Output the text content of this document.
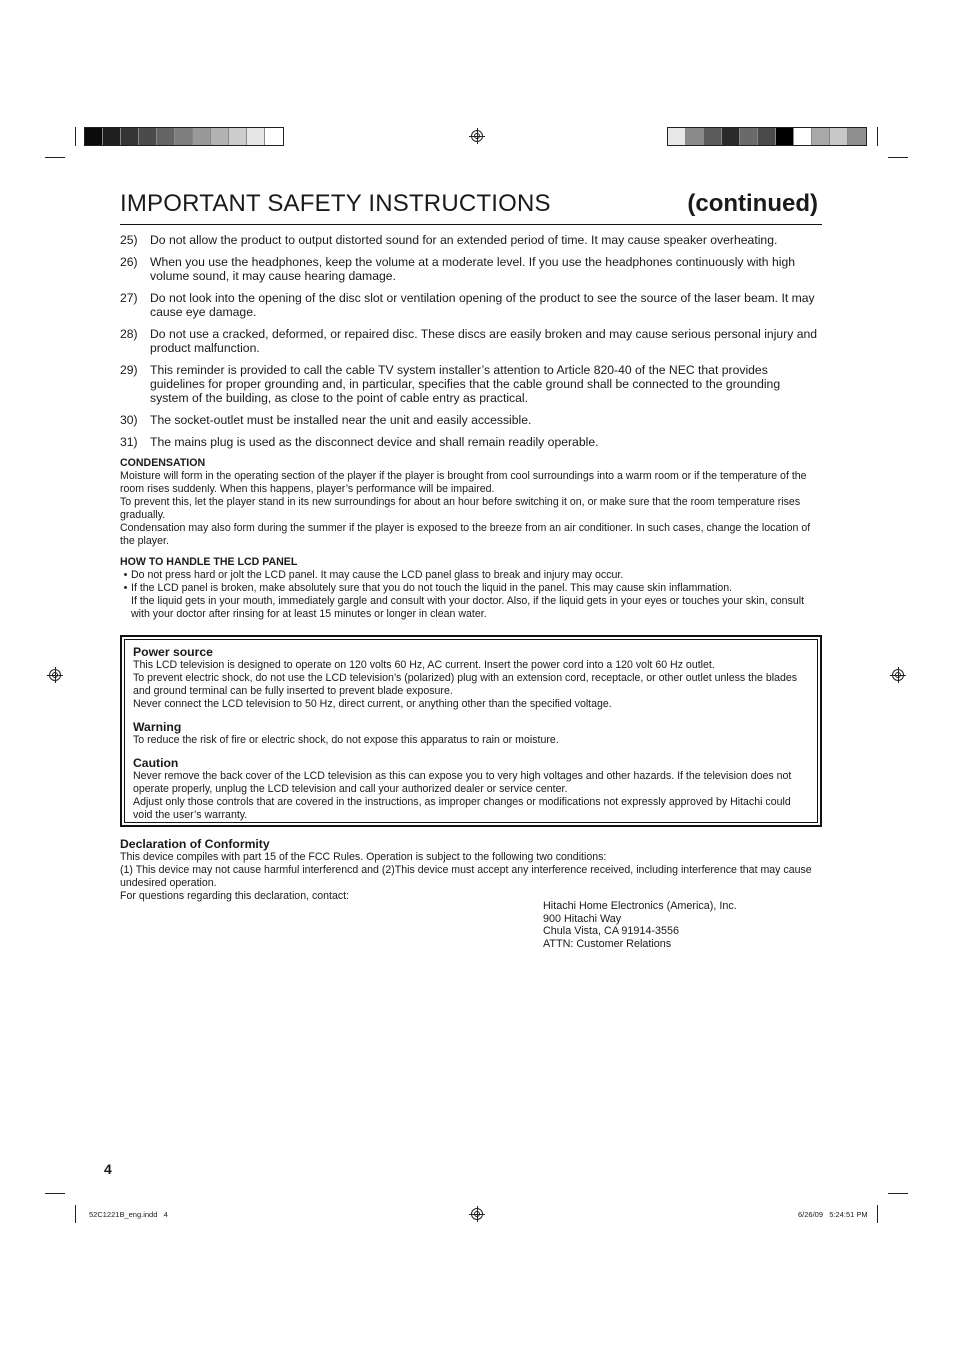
IMPORTANT SAFETY INSTRUCTIONS	(continued)
25)	Do not allow the product to output distorted sound for an extended period of time. It may cause speaker overheating.
26)	When you use the headphones, keep the volume at a moderate level. If you use the headphones continuously with high volume sound, it may cause hearing damage.
27)	Do not look into the opening of the disc slot or ventilation opening of the product to see the source of the laser beam. It may cause eye damage.
28)	Do not use a cracked, deformed, or repaired disc. These discs are easily broken and may cause serious personal injury and product malfunction.
29)	This reminder is provided to call the cable TV system installer’s attention to Article 820-40 of the NEC that provides guidelines for proper grounding and, in particular, specifies that the cable ground shall be connected to the grounding system of the building, as close to the point of cable entry as practical.
30)	The socket-outlet must be installed near the unit and easily accessible.
31)	The mains plug is used as the disconnect device and shall remain readily operable.
CONDENSATION
Moisture will form in the operating section of the player if the player is brought from cool surroundings into a warm room or if the temperature of the room rises suddenly. When this happens, player’s performance will be impaired.
To prevent this, let the player stand in its new surroundings for about an hour before switching it on, or make sure that the room temperature rises gradually.
Condensation may also form during the summer if the player is exposed to the breeze from an air conditioner. In such cases, change the location of the player.
HOW TO HANDLE THE LCD PANEL
• Do not press hard or jolt the LCD panel. It may cause the LCD panel glass to break and injury may occur.
• If the LCD panel is broken, make absolutely sure that you do not touch the liquid in the panel. This may cause skin inflammation.
If the liquid gets in your mouth, immediately gargle and consult with your doctor. Also, if the liquid gets in your eyes or touches your skin, consult with your doctor after rinsing for at least 15 minutes or longer in clean water.
Power source
This LCD television is designed to operate on 120 volts 60 Hz, AC current. Insert the power cord into a 120 volt 60 Hz outlet.
To prevent electric shock, do not use the LCD television’s (polarized) plug with an extension cord, receptacle, or other outlet unless the blades and ground terminal can be fully inserted to prevent blade exposure.
Never connect the LCD television to 50 Hz, direct current, or anything other than the specified voltage.
Warning
To reduce the risk of fire or electric shock, do not expose this apparatus to rain or moisture.
Caution
Never remove the back cover of the LCD television as this can expose you to very high voltages and other hazards. If the television does not operate properly, unplug the LCD television and call your authorized dealer or service center.
Adjust only those controls that are covered in the instructions, as improper changes or modifications not expressly approved by Hitachi could void the user’s warranty.
Declaration of Conformity
This device compiles with part 15 of the FCC Rules. Operation is subject to the following two conditions:
(1) This device may not cause harmful interferencd and (2)This device must accept any interference received, including interference that may cause undesired operation.
For questions regarding this declaration, contact:
Hitachi Home Electronics (America), Inc.
900 Hitachi Way
Chula Vista, CA 91914-3556
ATTN: Customer Relations
4
52C1221B_eng.indd   4	6/26/09   5:24:51 PM
